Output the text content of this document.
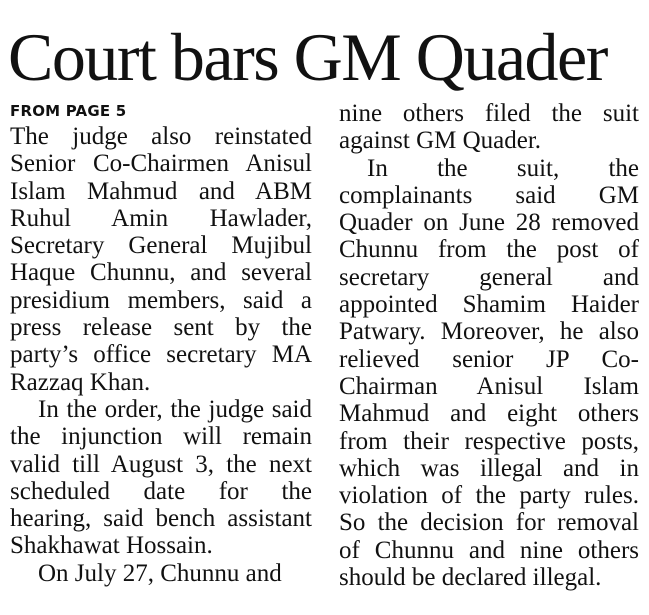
Court bars GM Quader
FROM PAGE 5

The judge also reinstated Senior Co-Chairmen Anisul Islam Mahmud and ABM Ruhul Amin Hawlader, Secretary General Mujibul Haque Chunnu, and several presidium members, said a press release sent by the party’s office secretary MA Razzaq Khan.

In the order, the judge said the injunction will remain valid till August 3, the next scheduled date for the hearing, said bench assistant Shakhawat Hossain.

On July 27, Chunnu and

nine others filed the suit against GM Quader.

In the suit, the complainants said GM Quader on June 28 removed Chunnu from the post of secretary general and appointed Shamim Haider Patwary. Moreover, he also relieved senior JP Co-Chairman Anisul Islam Mahmud and eight others from their respective posts, which was illegal and in violation of the party rules. So the decision for removal of Chunnu and nine others should be declared illegal.
